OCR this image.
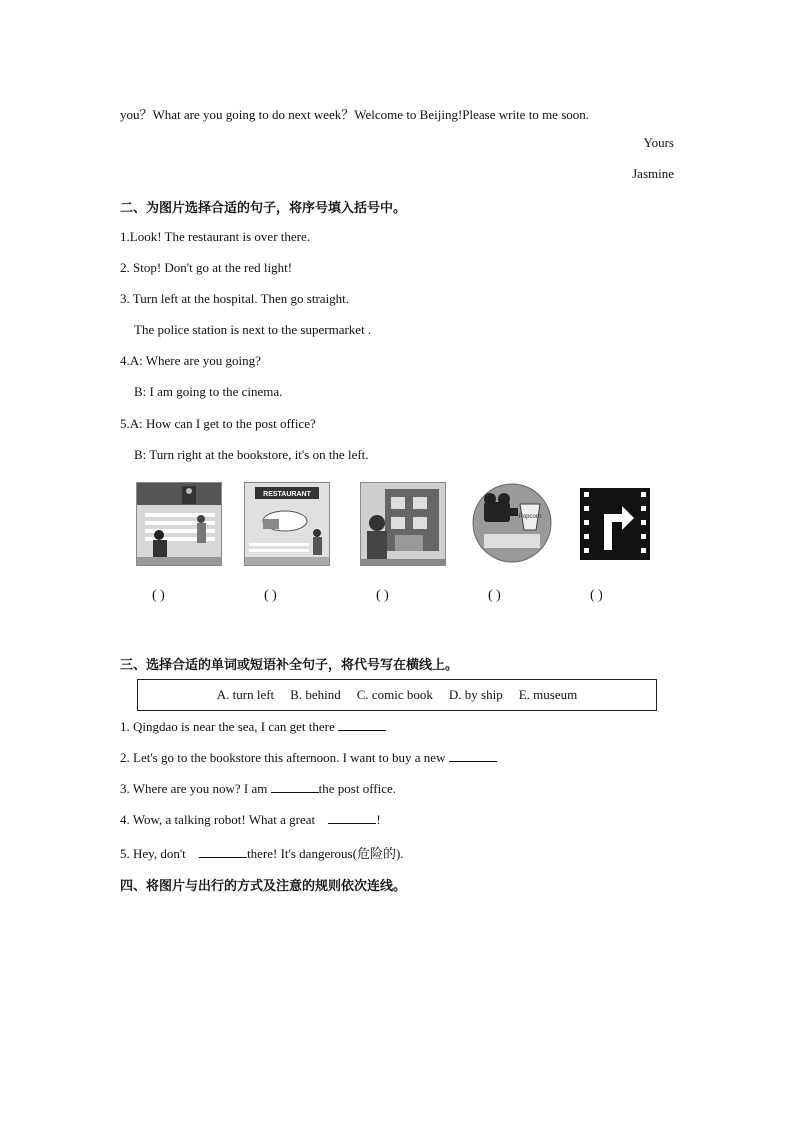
you？What are you going to do next week？Welcome to Beijing!Please write to me soon.
Yours
Jasmine
二、为图片选择合适的句子，将序号填入括号中。
1.Look! The restaurant is over there.
2. Stop! Don't go at the red light!
3. Turn left at the hospital. Then go straight.
The police station is next to the supermarket .
4.A: Where are you going?
B: I am going to the cinema.
5.A: How can I get to the post office?
B: Turn right at the bookstore, it's on the left.
RESTAURANT
Popcorn
( )	( )	( )	( )	( )
三、选择合适的单词或短语补全句子，将代号写在横线上。
A. turn left B. behind C. comic book D. by ship E. museum
1. Qingdao is near the sea, I can get there
2. Let's go to the bookstore this afternoon. I want to buy a new
3. Where are you now? I am	the post office.
4. Wow, a talking robot! What a great	!
5. Hey, don't	there! It's dangerous(危险的).
四、将图片与出行的方式及注意的规则依次连线。
